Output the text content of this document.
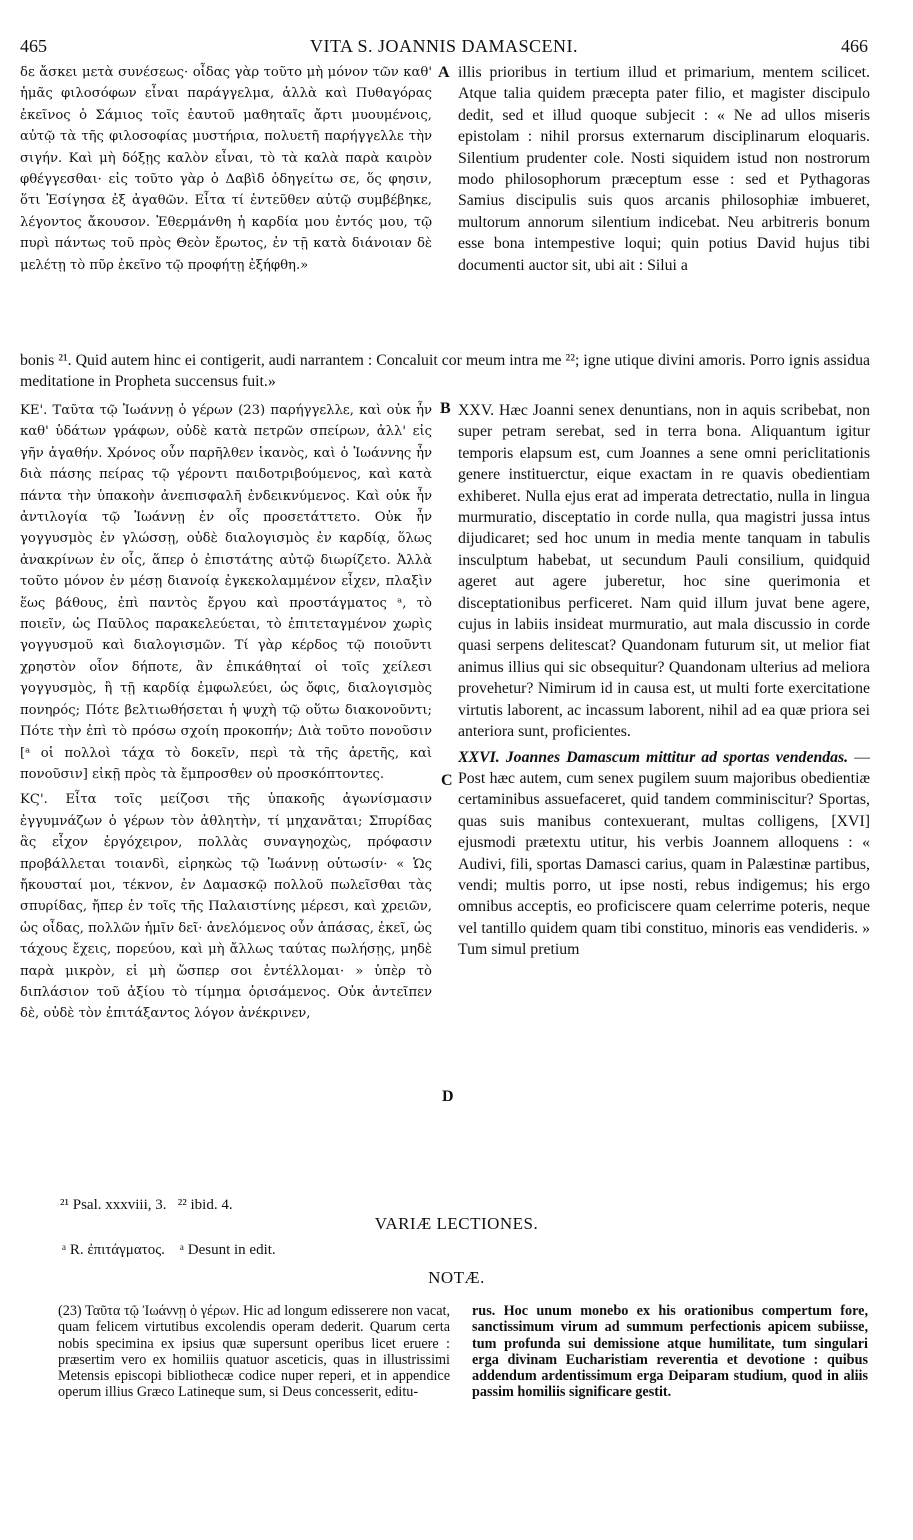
465	VITA S. JOANNIS DAMASCENI.	466

δε ἄσκει μετὰ συνέσεως· οἶδας γὰρ τοῦτο μὴ μόνον τῶν καθ' ἡμᾶς φιλοσόφων εἶναι παράγγελμα, ἀλλὰ καὶ Πυθαγόρας ἐκεῖνος ὁ Σάμιος τοῖς ἑαυτοῦ μαθηταῖς ἄρτι μυουμένοις, αὐτῷ τὰ τῆς φιλοσοφίας μυστήρια, πολυετῆ παρήγγελλε τὴν σιγήν. Καὶ μὴ δόξῃς καλὸν εἶναι, τὸ τὰ καλὰ παρὰ καιρὸν φθέγγεσθαι· εἰς τοῦτο γὰρ ὁ Δαβὶδ ὁδηγείτω σε, ὅς φησιν, ὅτι Ἐσίγησα ἐξ ἀγαθῶν. Εἶτα τί ἐντεῦθεν αὐτῷ συμβέβηκε, λέγοντος ἄκουσον. Ἐθερμάνθη ἡ καρδία μου ἐντός μου, τῷ πυρὶ πάντως τοῦ πρὸς Θεὸν ἔρωτος, ἐν τῇ κατὰ διάνοιαν δὲ μελέτῃ τὸ πῦρ ἐκεῖνο τῷ προφήτῃ ἐξήφθη.»

A illis prioribus in tertium illud et primarium, mentem scilicet. Atque talia quidem præcepta pater filio, et magister discipulo dedit, sed et illud quoque subjecit : « Ne ad ullos miseris epistolam : nihil prorsus externarum disciplinarum eloquaris. Silentium prudenter cole. Nosti siquidem istud non nostrorum modo philosophorum præceptum esse : sed et Pythagoras Samius discipulis suis quos arcanis philosophiæ imbueret, multorum annorum silentium indicebat. Neu arbitreris bonum esse bona intempestive loqui; quin potius David hujus tibi documenti auctor sit, ubi ait : Silui a

bonis ²¹. Quid autem hinc ei contigerit, audi narrantem : Concaluit cor meum intra me ²²; igne utique divini amoris. Porro ignis assidua meditatione in Propheta succensus fuit.»

ΚΕ'. Ταῦτα τῷ Ἰωάννῃ ὁ γέρων (23) παρήγγελλε, καὶ οὐκ ἦν καθ' ὑδάτων γράφων, οὐδὲ κατὰ πετρῶν σπείρων, ἀλλ' εἰς γῆν ἀγαθήν. Χρόνος οὖν παρῆλθεν ἱκανὸς, καὶ ὁ Ἰωάννης ἦν διὰ πάσης πείρας τῷ γέροντι παιδοτριβούμενος, καὶ κατὰ πάντα τὴν ὑπακοὴν ἀνεπισφαλῆ ἐνδεικνύμενος. Καὶ οὐκ ἦν ἀντιλογία τῷ Ἰωάννῃ ἐν οἷς προσετάττετο. Οὐκ ἦν γογγυσμὸς ἐν γλώσσῃ, οὐδὲ διαλογισμὸς ἐν καρδίᾳ, ὅλως ἀνακρίνων ἐν οἷς, ἅπερ ὁ ἐπιστάτης αὐτῷ διωρίζετο. Ἀλλὰ τοῦτο μόνον ἐν μέσῃ διανοίᾳ ἐγκεκολαμμένον εἶχεν, πλαξὶν ἕως βάθους, ἐπὶ παντὸς ἔργου καὶ προστάγματος ᵃ, τὸ ποιεῖν, ὡς Παῦλος παρακελεύεται, τὸ ἐπιτεταγμένον χωρὶς γογγυσμοῦ καὶ διαλογισμῶν. Τί γὰρ κέρδος τῷ ποιοῦντι χρηστὸν οἷον δήποτε, ἂν ἐπικάθηταί οἱ τοῖς χείλεσι γογγυσμὸς, ἢ τῇ καρδίᾳ ἐμφωλεύει, ὡς ὄφις, διαλογισμὸς πονηρός; Πότε βελτιωθήσεται ἡ ψυχὴ τῷ οὕτω διακονοῦντι; Πότε τὴν ἐπὶ τὸ πρόσω σχοίη προκοπήν; Διὰ τοῦτο πονοῦσιν [ᵃ οἱ πολλοὶ τάχα τὸ δοκεῖν, περὶ τὰ τῆς ἀρετῆς, καὶ πονοῦσιν] εἰκῇ πρὸς τὰ ἔμπροσθεν οὐ προσκόπτοντες.

ΚϚ'. Εἶτα τοῖς μείζοσι τῆς ὑπακοῆς ἀγωνίσμασιν ἐγγυμνάζων ὁ γέρων τὸν ἀθλητὴν, τί μηχανᾶται; Σπυρίδας ἃς εἶχον ἐργόχειρον, πολλὰς συναγηοχὼς, πρόφασιν προβάλλεται τοιανδὶ, εἰρηκὼς τῷ Ἰωάννῃ οὑτωσίν· « Ὡς ἤκουσταί μοι, τέκνον, ἐν Δαμασκῷ πολλοῦ πωλεῖσθαι τὰς σπυρίδας, ἤπερ ἐν τοῖς τῆς Παλαιστίνης μέρεσι, καὶ χρειῶν, ὡς οἶδας, πολλῶν ἡμῖν δεῖ· ἀνελόμενος οὖν ἁπάσας, ἐκεῖ, ὡς τάχους ἔχεις, πορεύου, καὶ μὴ ἄλλως ταύτας πωλήσῃς, μηδὲ παρὰ μικρὸν, εἰ μὴ ὥσπερ σοι ἐντέλλομαι· » ὑπὲρ τὸ διπλάσιον τοῦ ἀξίου τὸ τίμημα ὁρισάμενος. Οὐκ ἀντεῖπεν δὲ, οὐδὲ τὸν ἐπιτάξαντος λόγον ἀνέκρινεν,

B
C
D

XXV. Hæc Joanni senex denuntians, non in aquis scribebat, non super petram serebat, sed in terra bona. Aliquantum igitur temporis elapsum est, cum Joannes a sene omni periclitationis genere instituerctur, eique exactam in re quavis obedientiam exhiberet. Nulla ejus erat ad imperata detrectatio, nulla in lingua murmuratio, disceptatio in corde nulla, qua magistri jussa intus dijudicaret; sed hoc unum in media mente tanquam in tabulis insculptum habebat, ut secundum Pauli consilium, quidquid ageret aut agere juberetur, hoc sine querimonia et disceptationibus perficeret. Nam quid illum juvat bene agere, cujus in labiis insideat murmuratio, aut mala discussio in corde quasi serpens delitescat? Quandonam futurum sit, ut melior fiat animus illius qui sic obsequitur? Quandonam ulterius ad meliora provehetur? Nimirum id in causa est, ut multi forte exercitatione virtutis laborent, ac incassum laborent, nihil ad ea quæ priora sei anteriora sunt, proficientes.

XXVI. Joannes Damascum mittitur ad sportas vendendas. — Post hæc autem, cum senex pugilem suum majoribus obedientiæ certaminibus assuefaceret, quid tandem comminiscitur? Sportas, quas suis manibus contexuerant, multas colligens, [XVI] ejusmodi prætextu utitur, his verbis Joannem alloquens : « Audivi, fili, sportas Damasci carius, quam in Palæstinæ partibus, vendi; multis porro, ut ipse nosti, rebus indigemus; his ergo omnibus acceptis, eo proficiscere quam celerrime poteris, neque vel tantillo quidem quam tibi constituo, minoris eas vendideris. » Tum simul pretium

²¹ Psal. xxxviii, 3.   ²² ibid. 4.
VARIÆ LECTIONES.
ᵃ R. ἐπιτάγματος.    ᵃ Desunt in edit.
NOTÆ.

(23) Ταῦτα τῷ Ἰωάννῃ ὁ γέρων. Hic ad longum edisserere non vacat, quam felicem virtutibus excolendis operam dederit. Quarum certa nobis specimina ex ipsius quæ supersunt operibus licet eruere : præsertim vero ex homiliis quatuor asceticis, quas in illustrissimi Metensis episcopi bibliothecæ codice nuper reperi, et in appendice operum illius Græco Latineque sum, si Deus concesserit, editu-

rus. Hoc unum monebo ex his orationibus compertum fore, sanctissimum virum ad summum perfectionis apicem subiisse, tum profunda sui demissione atque humilitate, tum singulari erga divinam Eucharistiam reverentia et devotione : quibus addendum ardentissimum erga Deiparam studium, quod in aliis passim homiliis significare gestit.
